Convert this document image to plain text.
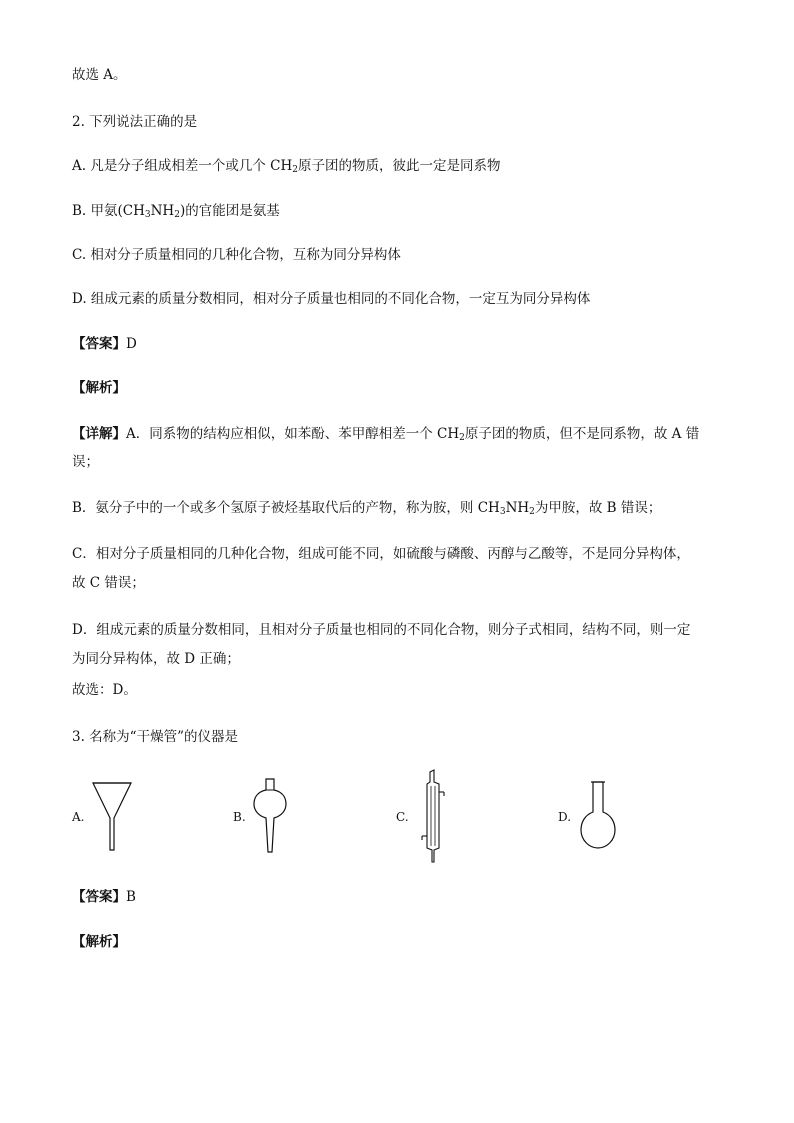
故选 A。
2. 下列说法正确的是
A. 凡是分子组成相差一个或几个 $CH_2$原子团的物质，彼此一定是同系物
B. 甲氨$(CH_3NH_2)$的官能团是氨基
C. 相对分子质量相同的几种化合物，互称为同分异构体
D. 组成元素的质量分数相同，相对分子质量也相同的不同化合物，一定互为同分异构体
【答案】D
【解析】
【详解】A．同系物的结构应相似，如苯酚、苯甲醇相差一个 $CH_2$原子团的物质，但不是同系物，故 A 错
误；
B．氨分子中的一个或多个氢原子被烃基取代后的产物，称为胺，则 $CH_3NH_2$为甲胺，故 B 错误；
C．相对分子质量相同的几种化合物，组成可能不同，如硫酸与磷酸、丙醇与乙酸等，不是同分异构体，
故 C 错误；
D．组成元素的质量分数相同，且相对分子质量也相同的不同化合物，则分子式相同，结构不同，则一定
为同分异构体，故 D 正确；
故选：D。
3. 名称为“干燥管”的仪器是
A.	B.	C.	D.
【答案】B
【解析】
